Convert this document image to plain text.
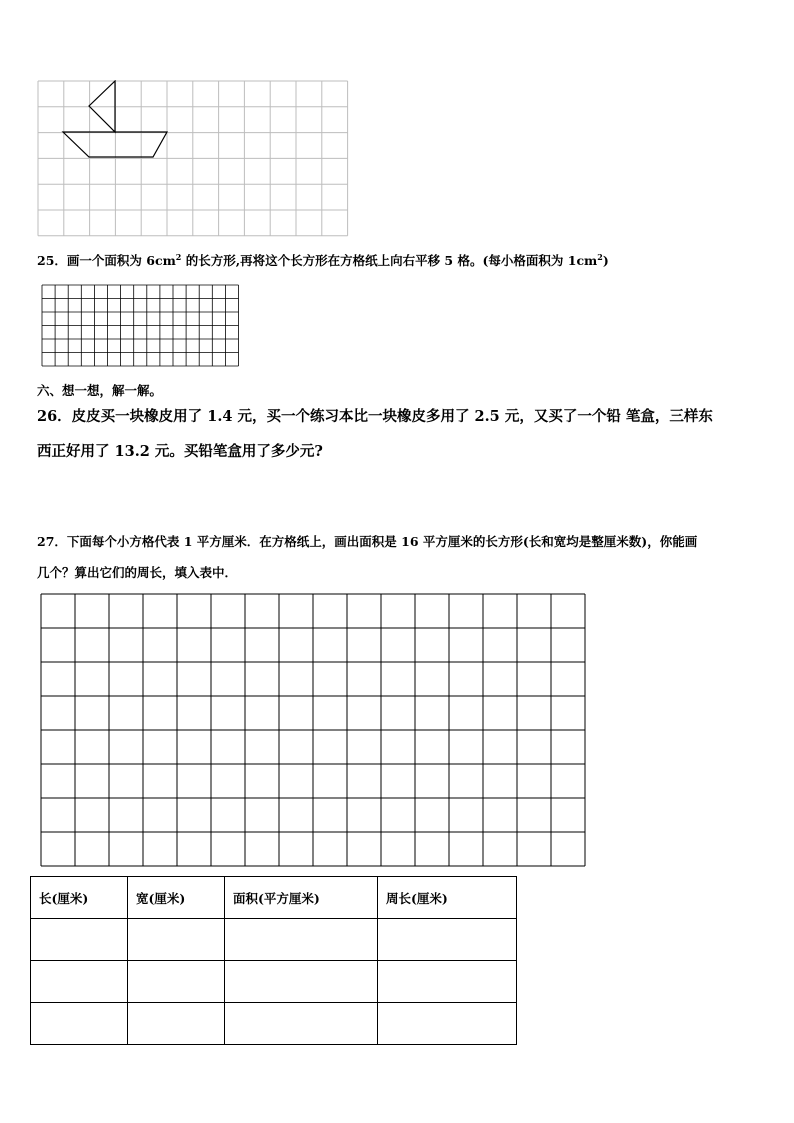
25．画一个面积为 $6cm^2$ 的长方形,再将这个长方形在方格纸上向右平移 5 格。(每小格面积为 $1cm^2$)
六、想一想，解一解。
26．皮皮买一块橡皮用了 1.4 元，买一个练习本比一块橡皮多用了 2.5 元，又买了一个铅 笔盒，三样东
西正好用了 13.2 元。买铅笔盒用了多少元?
27．下面每个小方格代表 1 平方厘米．在方格纸上，画出面积是 16 平方厘米的长方形(长和宽均是整厘米数)，你能画
几个？算出它们的周长，填入表中．
长(厘米)	宽(厘米)	面积(平方厘米)	周长(厘米)
